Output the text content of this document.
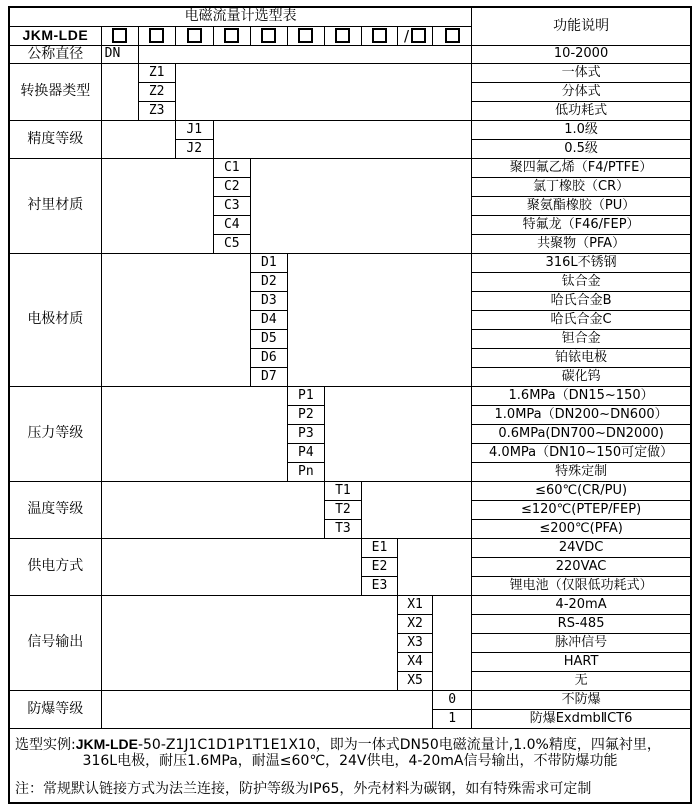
电磁流量计选型表											功能说明
JKM-LDE									/		
公称直径	DN										10-2000
转换器类型		Z1									一体式
		Z2									分体式
		Z3									低功耗式
精度等级			J1								1.0级
			J2								0.5级
衬里材质				C1							聚四氟乙烯（F4/PTFE）
				C2							氯丁橡胶（CR）
				C3							聚氨酯橡胶（PU）
				C4							特氟龙（F46/FEP）
				C5							共聚物（PFA）
电极材质					D1						316L不锈钢
					D2						钛合金
					D3						哈氏合金B
					D4						哈氏合金C
					D5						钽合金
					D6						铂铱电极
					D7						碳化钨
压力等级						P1					1.6MPa（DN15~150）
						P2					1.0MPa（DN200~DN600）
						P3					0.6MPa(DN700~DN2000)
						P4					4.0MPa（DN10~150可定做）
						Pn					特殊定制
温度等级							T1				≤60℃(CR/PU)
							T2				≤120℃(PTEP/FEP)
							T3				≤200℃(PFA)
供电方式								E1			24VDC
								E2			220VAC
								E3			锂电池（仅限低功耗式）
信号输出									X1		4-20mA
									X2		RS-485
									X3		脉冲信号
									X4		HART
									X5		无
防爆等级										0	不防爆
										1	防爆ExdmbⅡCT6

选型实例:JKM-LDE-50-Z1J1C1D1P1T1E1X10，即为一体式DN50电磁流量计,1.0%精度，四氟衬里，
316L电极，耐压1.6MPa，耐温≤60℃，24V供电，4-20mA信号输出，不带防爆功能
注：常规默认链接方式为法兰连接，防护等级为IP65，外壳材料为碳钢，如有特殊需求可定制											
